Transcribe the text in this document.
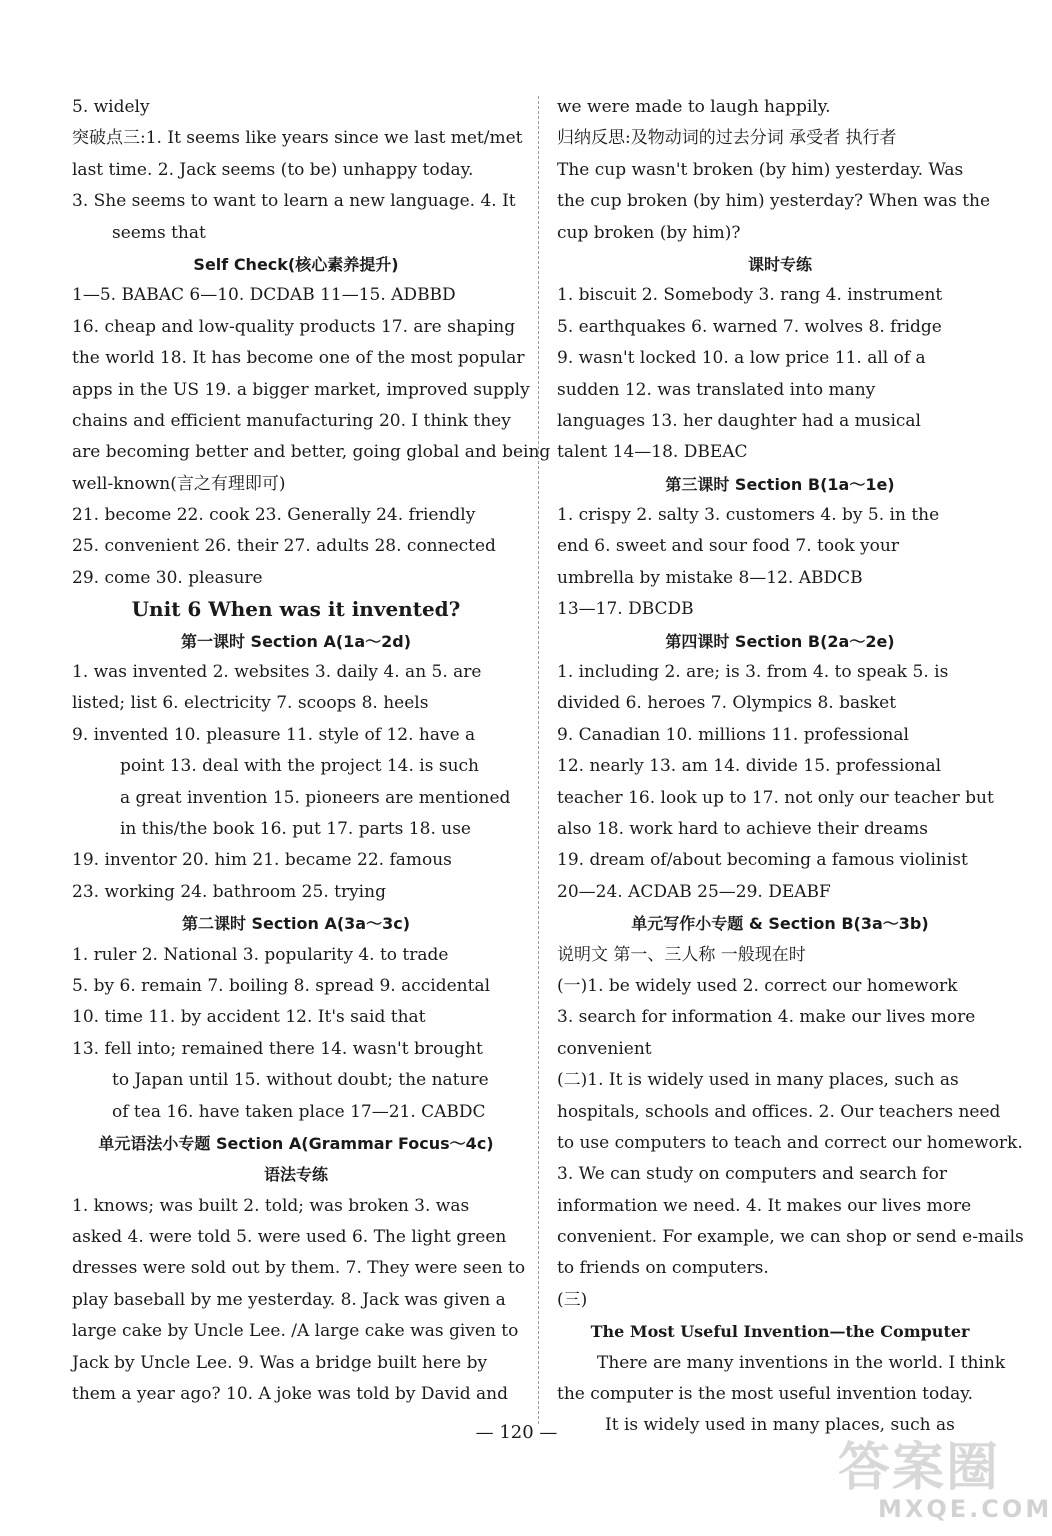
5. widely
突破点三:1. It seems like years since we last met/met
last time. 2. Jack seems (to be) unhappy today.
3. She seems to want to learn a new language. 4. It
seems that
Self Check(核心素养提升)
1—5. BABAC 6—10. DCDAB 11—15. ADBBD
16. cheap and low-quality products 17. are shaping
the world 18. It has become one of the most popular
apps in the US 19. a bigger market, improved supply
chains and efficient manufacturing 20. I think they
are becoming better and better, going global and being
well-known(言之有理即可)
21. become 22. cook 23. Generally 24. friendly
25. convenient 26. their 27. adults 28. connected
29. come 30. pleasure
Unit 6 When was it invented?
第一课时 Section A(1a～2d)
1. was invented 2. websites 3. daily 4. an 5. are
listed; list 6. electricity 7. scoops 8. heels
9. invented 10. pleasure 11. style of 12. have a
point 13. deal with the project 14. is such
a great invention 15. pioneers are mentioned
in this/the book 16. put 17. parts 18. use
19. inventor 20. him 21. became 22. famous
23. working 24. bathroom 25. trying
第二课时 Section A(3a～3c)
1. ruler 2. National 3. popularity 4. to trade
5. by 6. remain 7. boiling 8. spread 9. accidental
10. time 11. by accident 12. It's said that
13. fell into; remained there 14. wasn't brought
to Japan until 15. without doubt; the nature
of tea 16. have taken place 17—21. CABDC
单元语法小专题 Section A(Grammar Focus～4c)
语法专练
1. knows; was built 2. told; was broken 3. was
asked 4. were told 5. were used 6. The light green
dresses were sold out by them. 7. They were seen to
play baseball by me yesterday. 8. Jack was given a
large cake by Uncle Lee. /A large cake was given to
Jack by Uncle Lee. 9. Was a bridge built here by
them a year ago? 10. A joke was told by David and
we were made to laugh happily.
归纳反思:及物动词的过去分词 承受者 执行者
The cup wasn't broken (by him) yesterday. Was
the cup broken (by him) yesterday? When was the
cup broken (by him)?
课时专练
1. biscuit 2. Somebody 3. rang 4. instrument
5. earthquakes 6. warned 7. wolves 8. fridge
9. wasn't locked 10. a low price 11. all of a
sudden 12. was translated into many
languages 13. her daughter had a musical
talent 14—18. DBEAC
第三课时 Section B(1a～1e)
1. crispy 2. salty 3. customers 4. by 5. in the
end 6. sweet and sour food 7. took your
umbrella by mistake 8—12. ABDCB
13—17. DBCDB
第四课时 Section B(2a～2e)
1. including 2. are; is 3. from 4. to speak 5. is
divided 6. heroes 7. Olympics 8. basket
9. Canadian 10. millions 11. professional
12. nearly 13. am 14. divide 15. professional
teacher 16. look up to 17. not only our teacher but
also 18. work hard to achieve their dreams
19. dream of/about becoming a famous violinist
20—24. ACDAB 25—29. DEABF
单元写作小专题 & Section B(3a～3b)
说明文 第一、三人称 一般现在时
(一)1. be widely used 2. correct our homework
3. search for information 4. make our lives more
convenient
(二)1. It is widely used in many places, such as
hospitals, schools and offices. 2. Our teachers need
to use computers to teach and correct our homework.
3. We can study on computers and search for
information we need. 4. It makes our lives more
convenient. For example, we can shop or send e-mails
to friends on computers.
(三)
The Most Useful Invention—the Computer
There are many inventions in the world. I think
the computer is the most useful invention today.
It is widely used in many places, such as
— 120 —
答案圈
MXQE.COM
